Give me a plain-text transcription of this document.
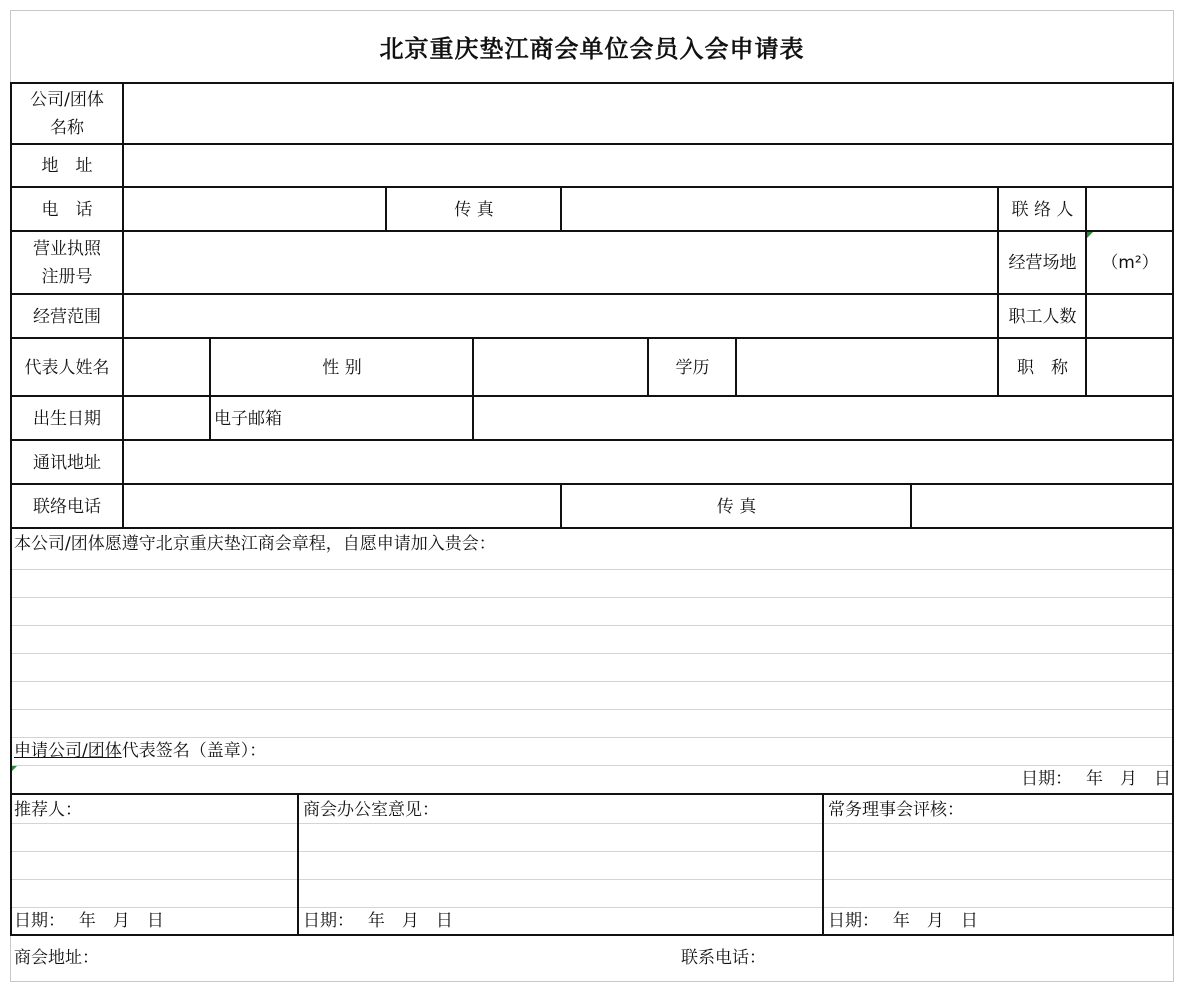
北京重庆垫江商会单位会员入会申请表
公司/团体名称
地　址
电　话	传 真	联 络 人
营业执照注册号
经营场地	（m²）
经营范围	职工人数
代表人姓名	性 别	学历	职　称
出生日期	电子邮箱
通讯地址
联络电话	传 真
本公司/团体愿遵守北京重庆垫江商会章程，自愿申请加入贵会：
申请公司/团体 代表签名（盖章）：
日期：　 年　月　日
推荐人：	商会办公室意见：	常务理事会评核：
日期：　 年　月　日	日期：　 年　月　日	日期：　 年　月　日
商会地址：	联系电话：
